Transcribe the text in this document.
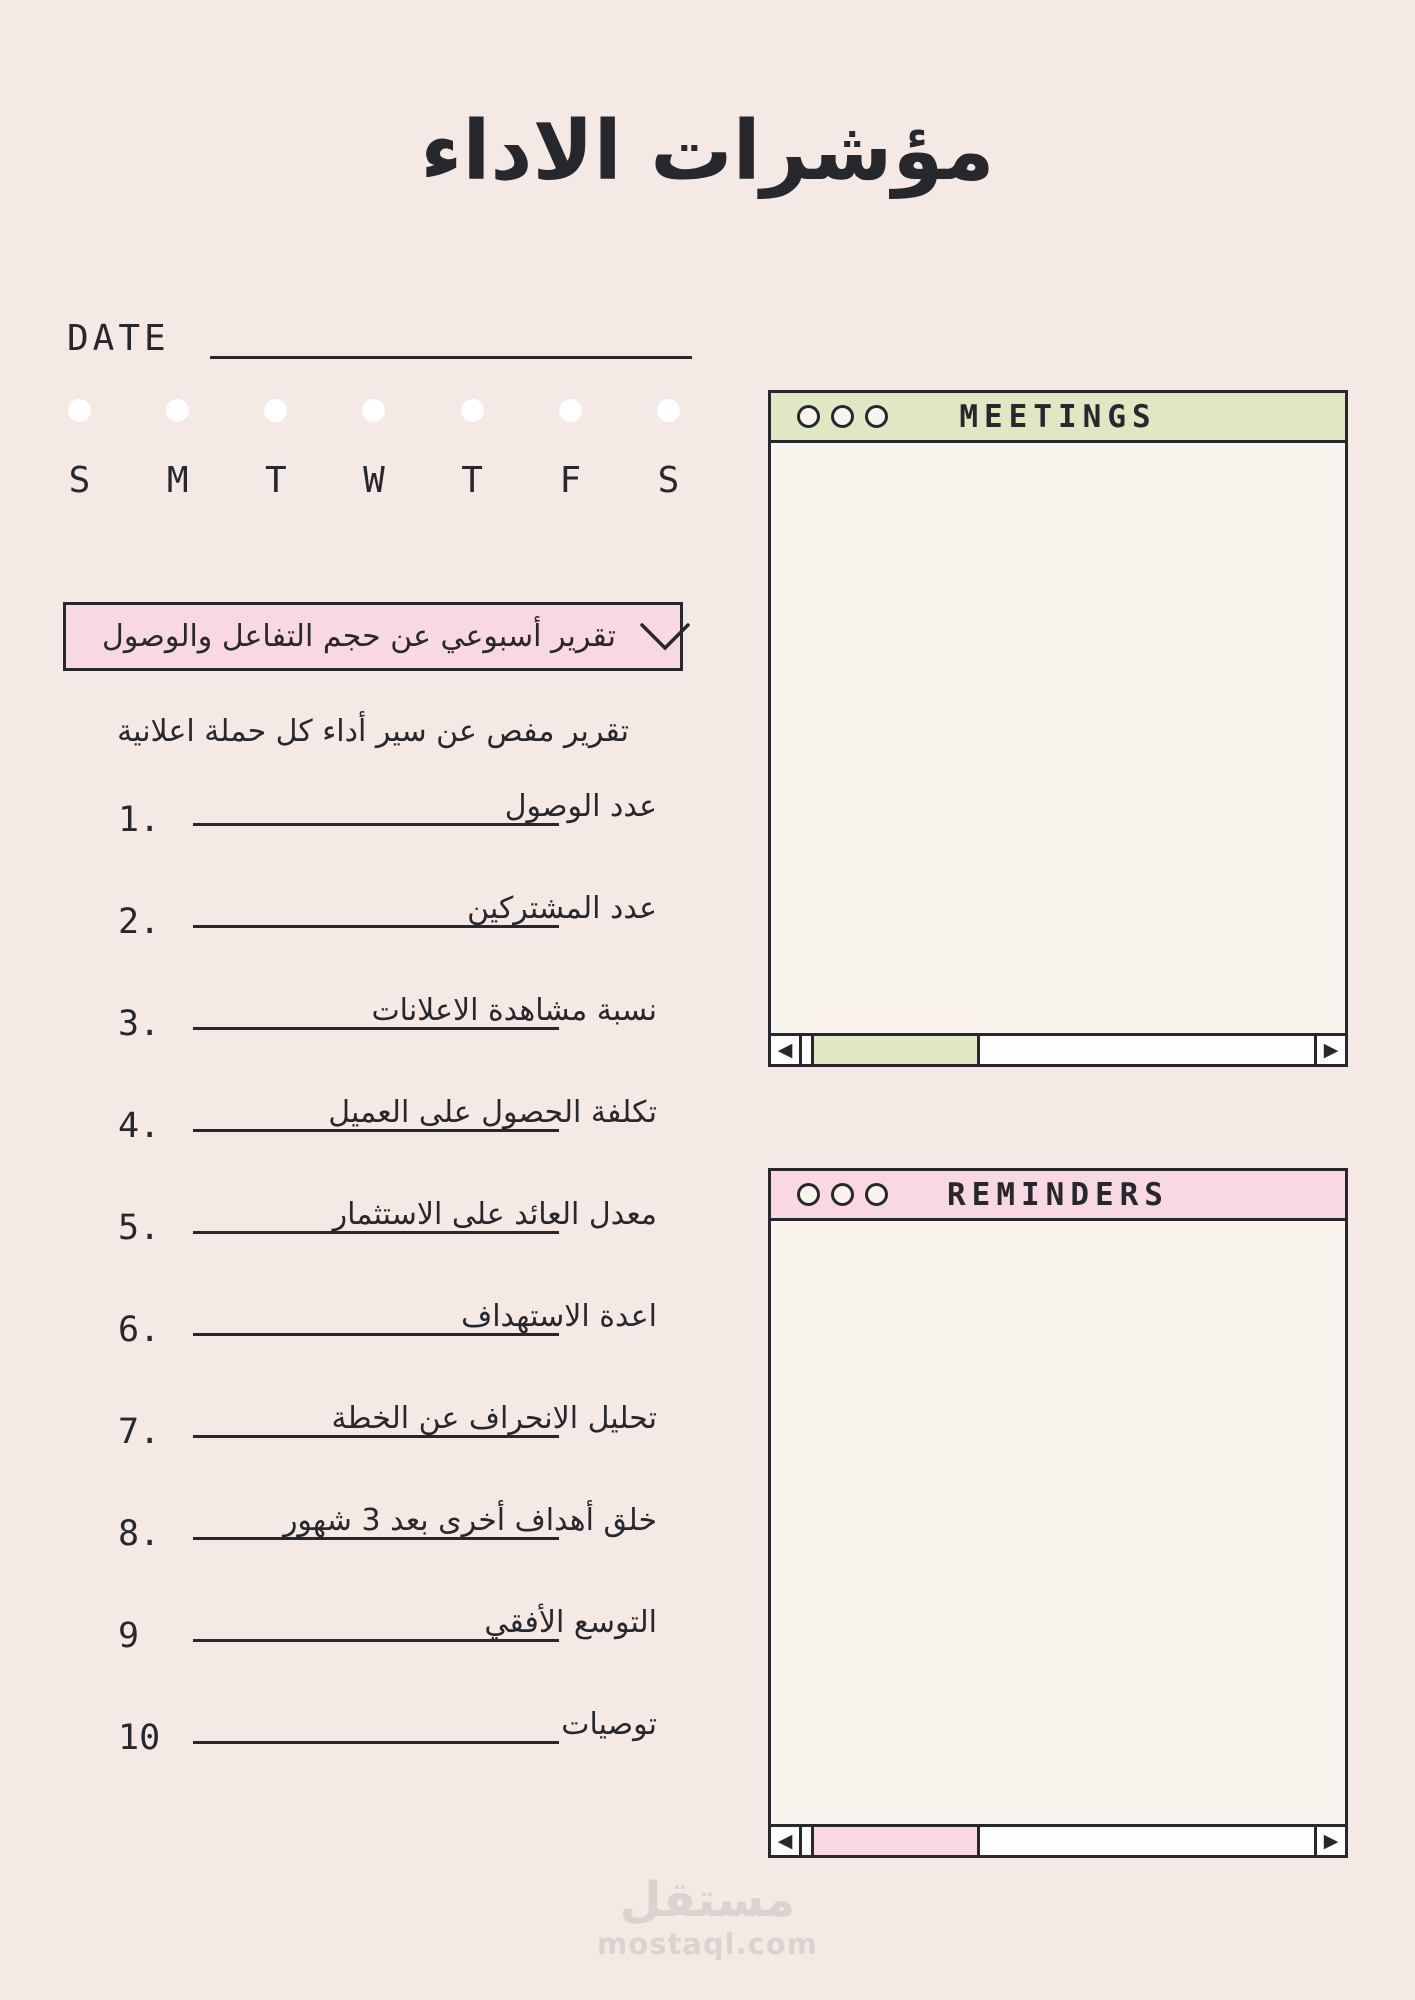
مؤشرات الاداء
DATE
S M T W T F S
تقرير أسبوعي عن حجم التفاعل والوصول
تقرير مفص عن سير أداء كل حملة اعلانية
1.	عدد الوصول
2.	عدد المشتركين
3.	نسبة مشاهدة الاعلانات
4.	تكلفة الحصول على العميل
5.	معدل العائد على الاستثمار
6.	اعدة الاستهداف
7.	تحليل الانحراف عن الخطة
8.	خلق أهداف أخرى بعد 3 شهور
9	التوسع الأفقي
10	توصيات
MEETINGS
◀	▶
REMINDERS
◀	▶
مستقل
mostaql.com
